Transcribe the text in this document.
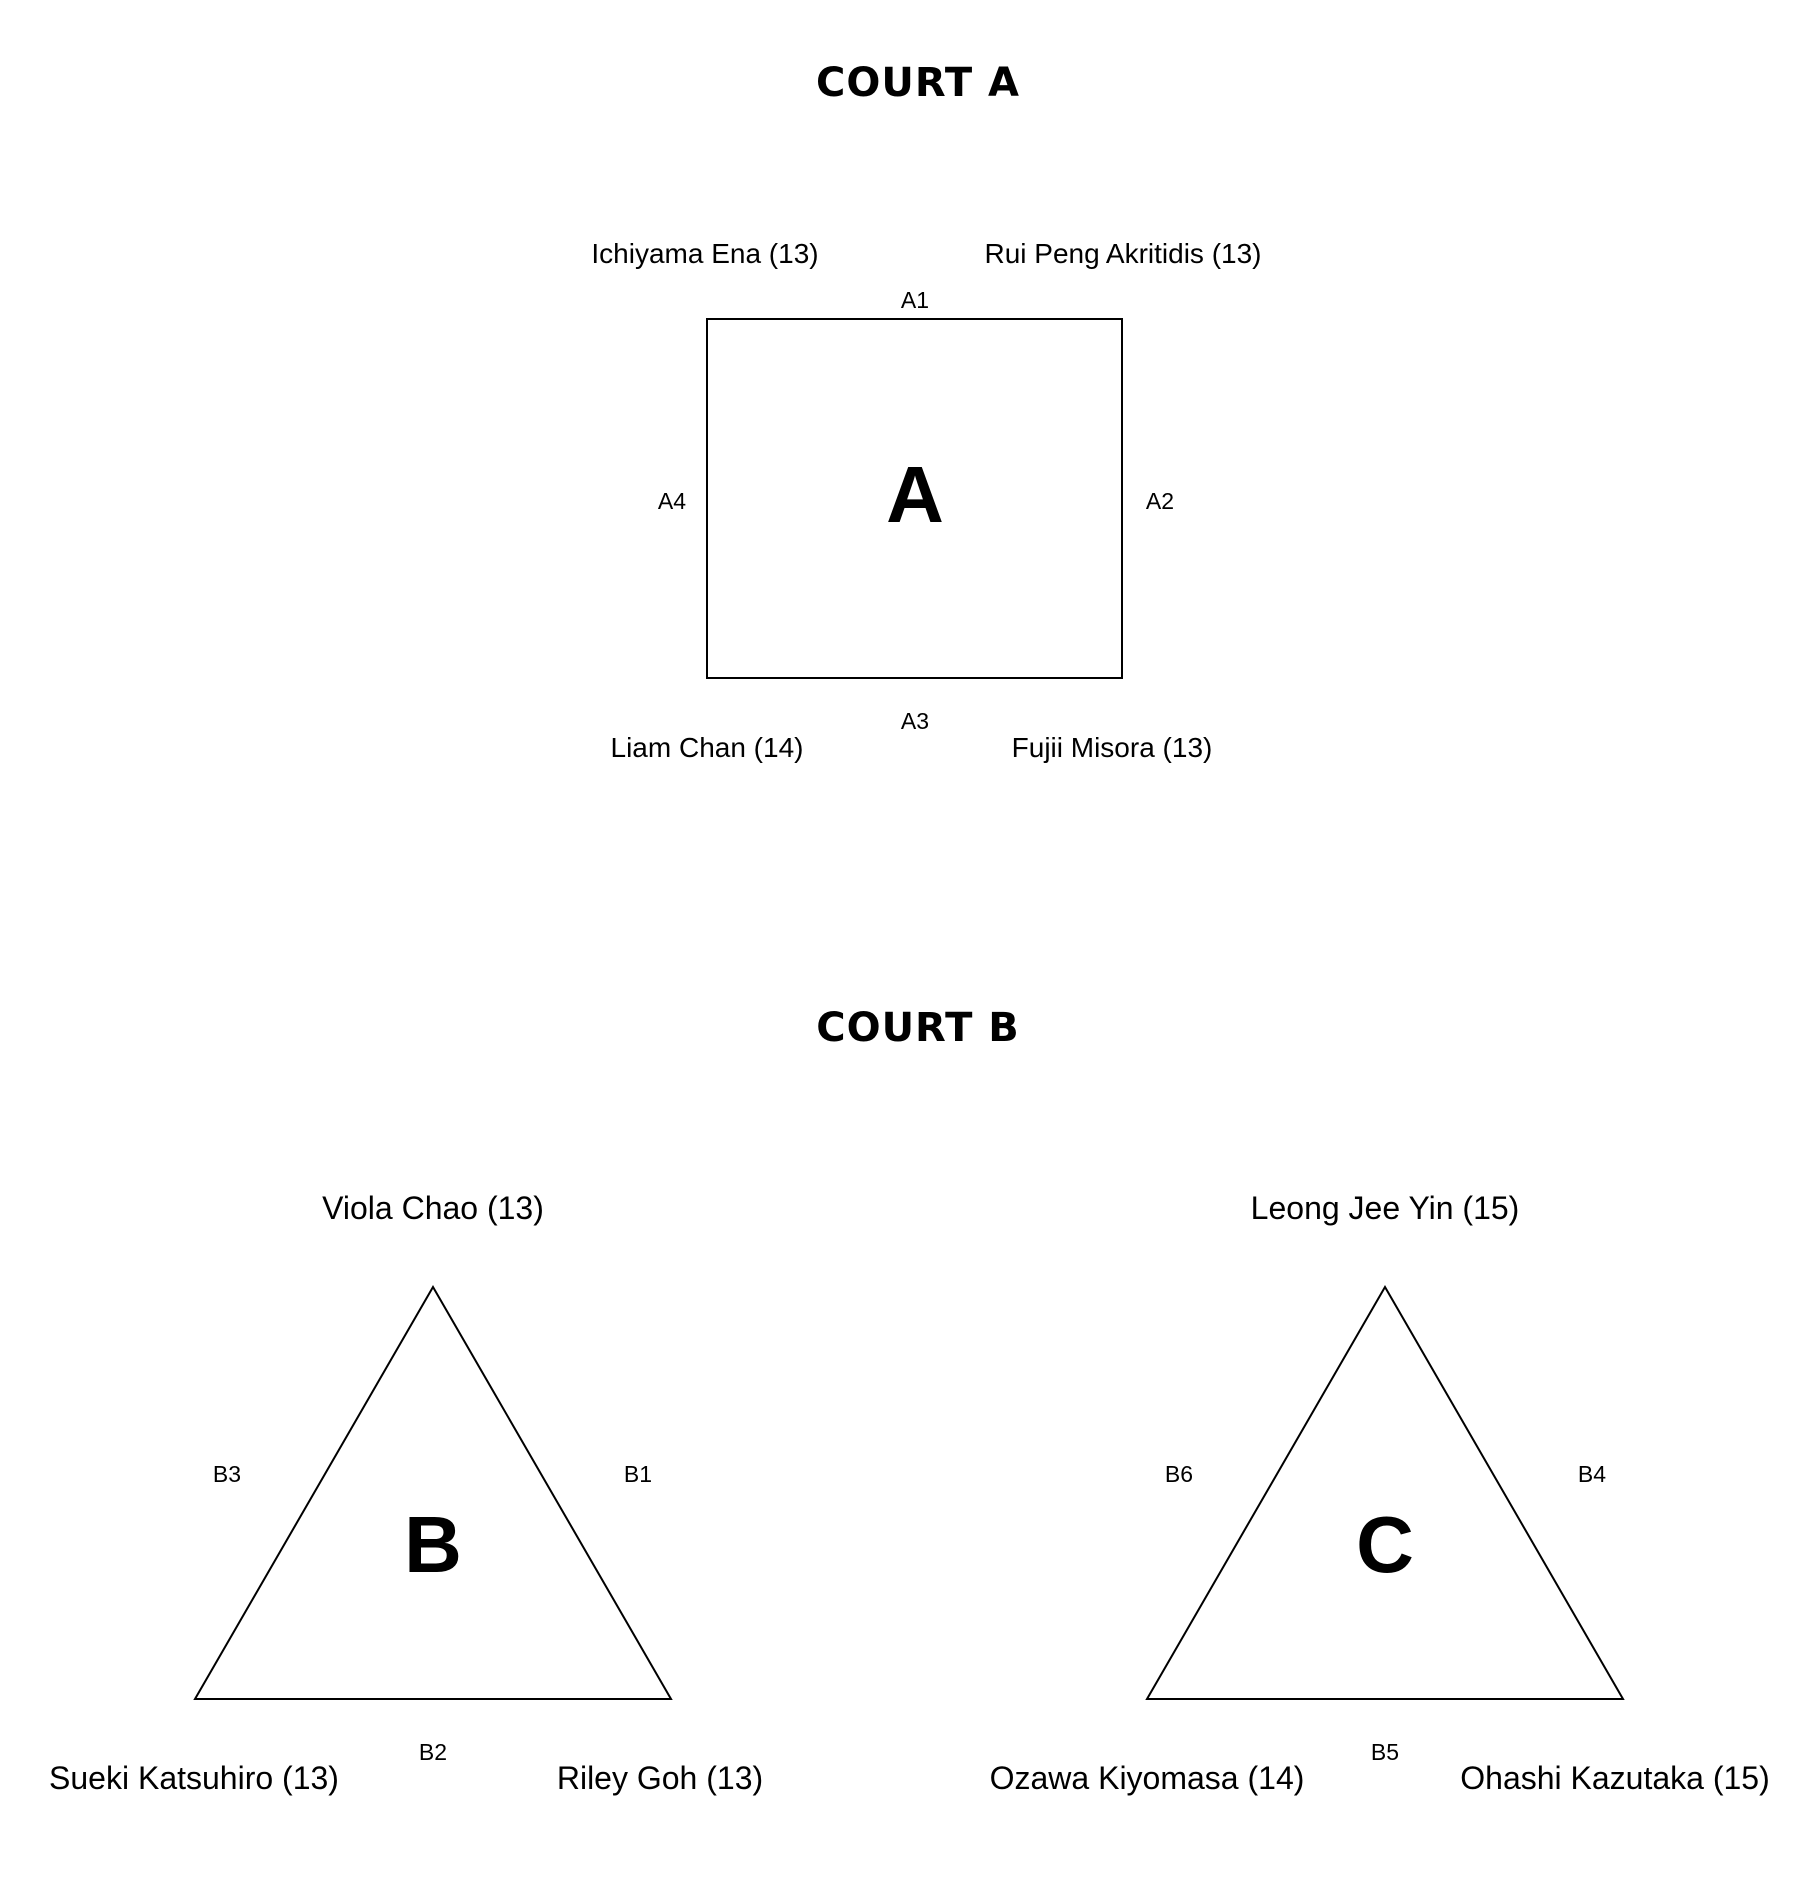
COURT A
Ichiyama Ena (13)	Rui Peng Akritidis (13)
A1
A4	A2
A
A3
Liam Chan (14)	Fujii Misora (13)
COURT B
Viola Chao (13)
B3	B1
B
B2
Sueki Katsuhiro (13)	Riley Goh (13)
Leong Jee Yin (15)
B6	B4
C
B5
Ozawa Kiyomasa (14)	Ohashi Kazutaka (15)
